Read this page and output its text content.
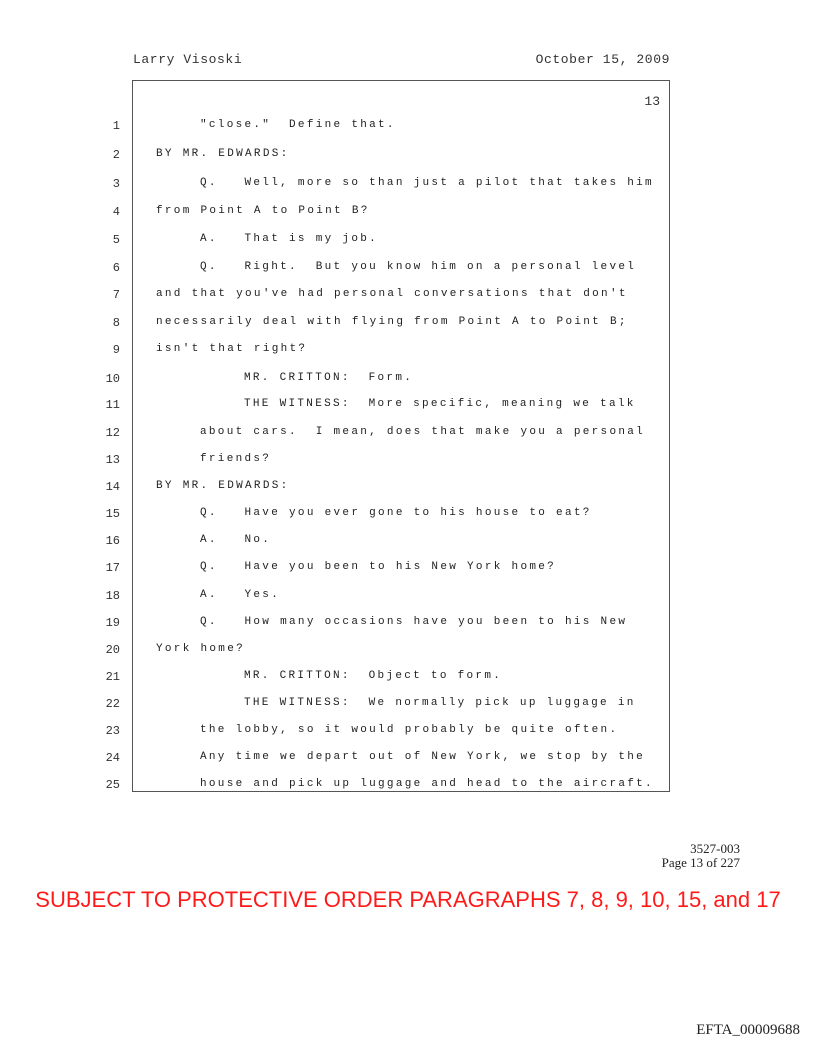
Larry Visoski	October 15, 2009
13
1
2
3
4
5
6
7
8
9
10
11
12
13
14
15
16
17
18
19
20
21
22
23
24
25
"close."  Define that.
BY MR. EDWARDS:
Q.   Well, more so than just a pilot that takes him
from Point A to Point B?
A.   That is my job.
Q.   Right.  But you know him on a personal level
and that you've had personal conversations that don't
necessarily deal with flying from Point A to Point B;
isn't that right?
MR. CRITTON:  Form.
THE WITNESS:  More specific, meaning we talk
about cars.  I mean, does that make you a personal
friends?
BY MR. EDWARDS:
Q.   Have you ever gone to his house to eat?
A.   No.
Q.   Have you been to his New York home?
A.   Yes.
Q.   How many occasions have you been to his New
York home?
MR. CRITTON:  Object to form.
THE WITNESS:  We normally pick up luggage in
the lobby, so it would probably be quite often.
Any time we depart out of New York, we stop by the
house and pick up luggage and head to the aircraft.
3527-003
Page 13 of 227
SUBJECT TO PROTECTIVE ORDER PARAGRAPHS 7, 8, 9, 10, 15, and 17
EFTA_00009688
